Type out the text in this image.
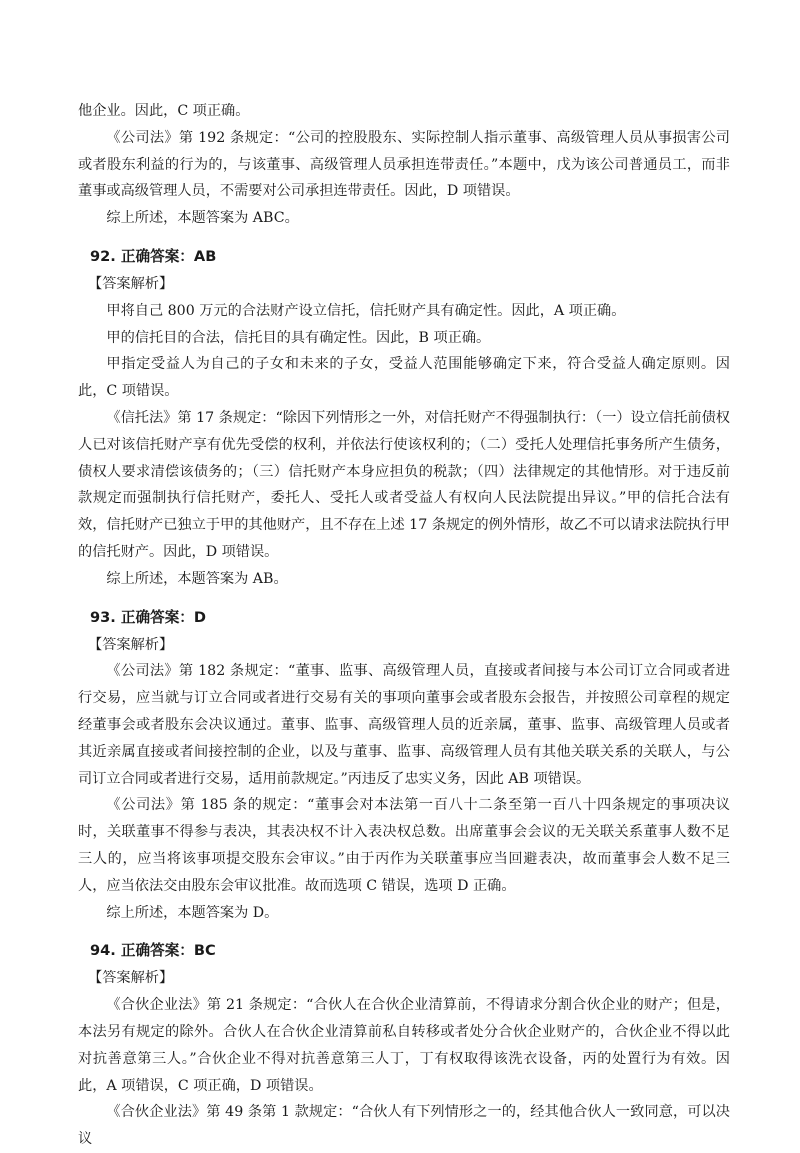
他企业。因此，C 项正确。

《公司法》第 192 条规定：“公司的控股股东、实际控制人指示董事、高级管理人员从事损害公司或者股东利益的行为的，与该董事、高级管理人员承担连带责任。”本题中，戊为该公司普通员工，而非董事或高级管理人员，不需要对公司承担连带责任。因此，D 项错误。

综上所述，本题答案为 ABC。

92. 正确答案：AB

【答案解析】

甲将自己 800 万元的合法财产设立信托，信托财产具有确定性。因此，A 项正确。

甲的信托目的合法，信托目的具有确定性。因此，B 项正确。

甲指定受益人为自己的子女和未来的子女，受益人范围能够确定下来，符合受益人确定原则。因此，C 项错误。

《信托法》第 17 条规定：“除因下列情形之一外，对信托财产不得强制执行：（一）设立信托前债权人已对该信托财产享有优先受偿的权利，并依法行使该权利的；（二）受托人处理信托事务所产生债务，债权人要求清偿该债务的；（三）信托财产本身应担负的税款；（四）法律规定的其他情形。对于违反前款规定而强制执行信托财产，委托人、受托人或者受益人有权向人民法院提出异议。”甲的信托合法有效，信托财产已独立于甲的其他财产，且不存在上述 17 条规定的例外情形，故乙不可以请求法院执行甲的信托财产。因此，D 项错误。

综上所述，本题答案为 AB。

93. 正确答案：D

【答案解析】

《公司法》第 182 条规定：“董事、监事、高级管理人员，直接或者间接与本公司订立合同或者进行交易，应当就与订立合同或者进行交易有关的事项向董事会或者股东会报告，并按照公司章程的规定经董事会或者股东会决议通过。董事、监事、高级管理人员的近亲属，董事、监事、高级管理人员或者其近亲属直接或者间接控制的企业，以及与董事、监事、高级管理人员有其他关联关系的关联人，与公司订立合同或者进行交易，适用前款规定。”丙违反了忠实义务，因此 AB 项错误。

《公司法》第 185 条的规定：“董事会对本法第一百八十二条至第一百八十四条规定的事项决议时，关联董事不得参与表决，其表决权不计入表决权总数。出席董事会会议的无关联关系董事人数不足三人的，应当将该事项提交股东会审议。”由于丙作为关联董事应当回避表决，故而董事会人数不足三人，应当依法交由股东会审议批准。故而选项 C 错误，选项 D 正确。

综上所述，本题答案为 D。

94. 正确答案：BC

【答案解析】

《合伙企业法》第 21 条规定：“合伙人在合伙企业清算前，不得请求分割合伙企业的财产；但是，本法另有规定的除外。合伙人在合伙企业清算前私自转移或者处分合伙企业财产的，合伙企业不得以此对抗善意第三人。”合伙企业不得对抗善意第三人丁，丁有权取得该洗衣设备，丙的处置行为有效。因此，A 项错误，C 项正确，D 项错误。

《合伙企业法》第 49 条第 1 款规定：“合伙人有下列情形之一的，经其他合伙人一致同意，可以决议
